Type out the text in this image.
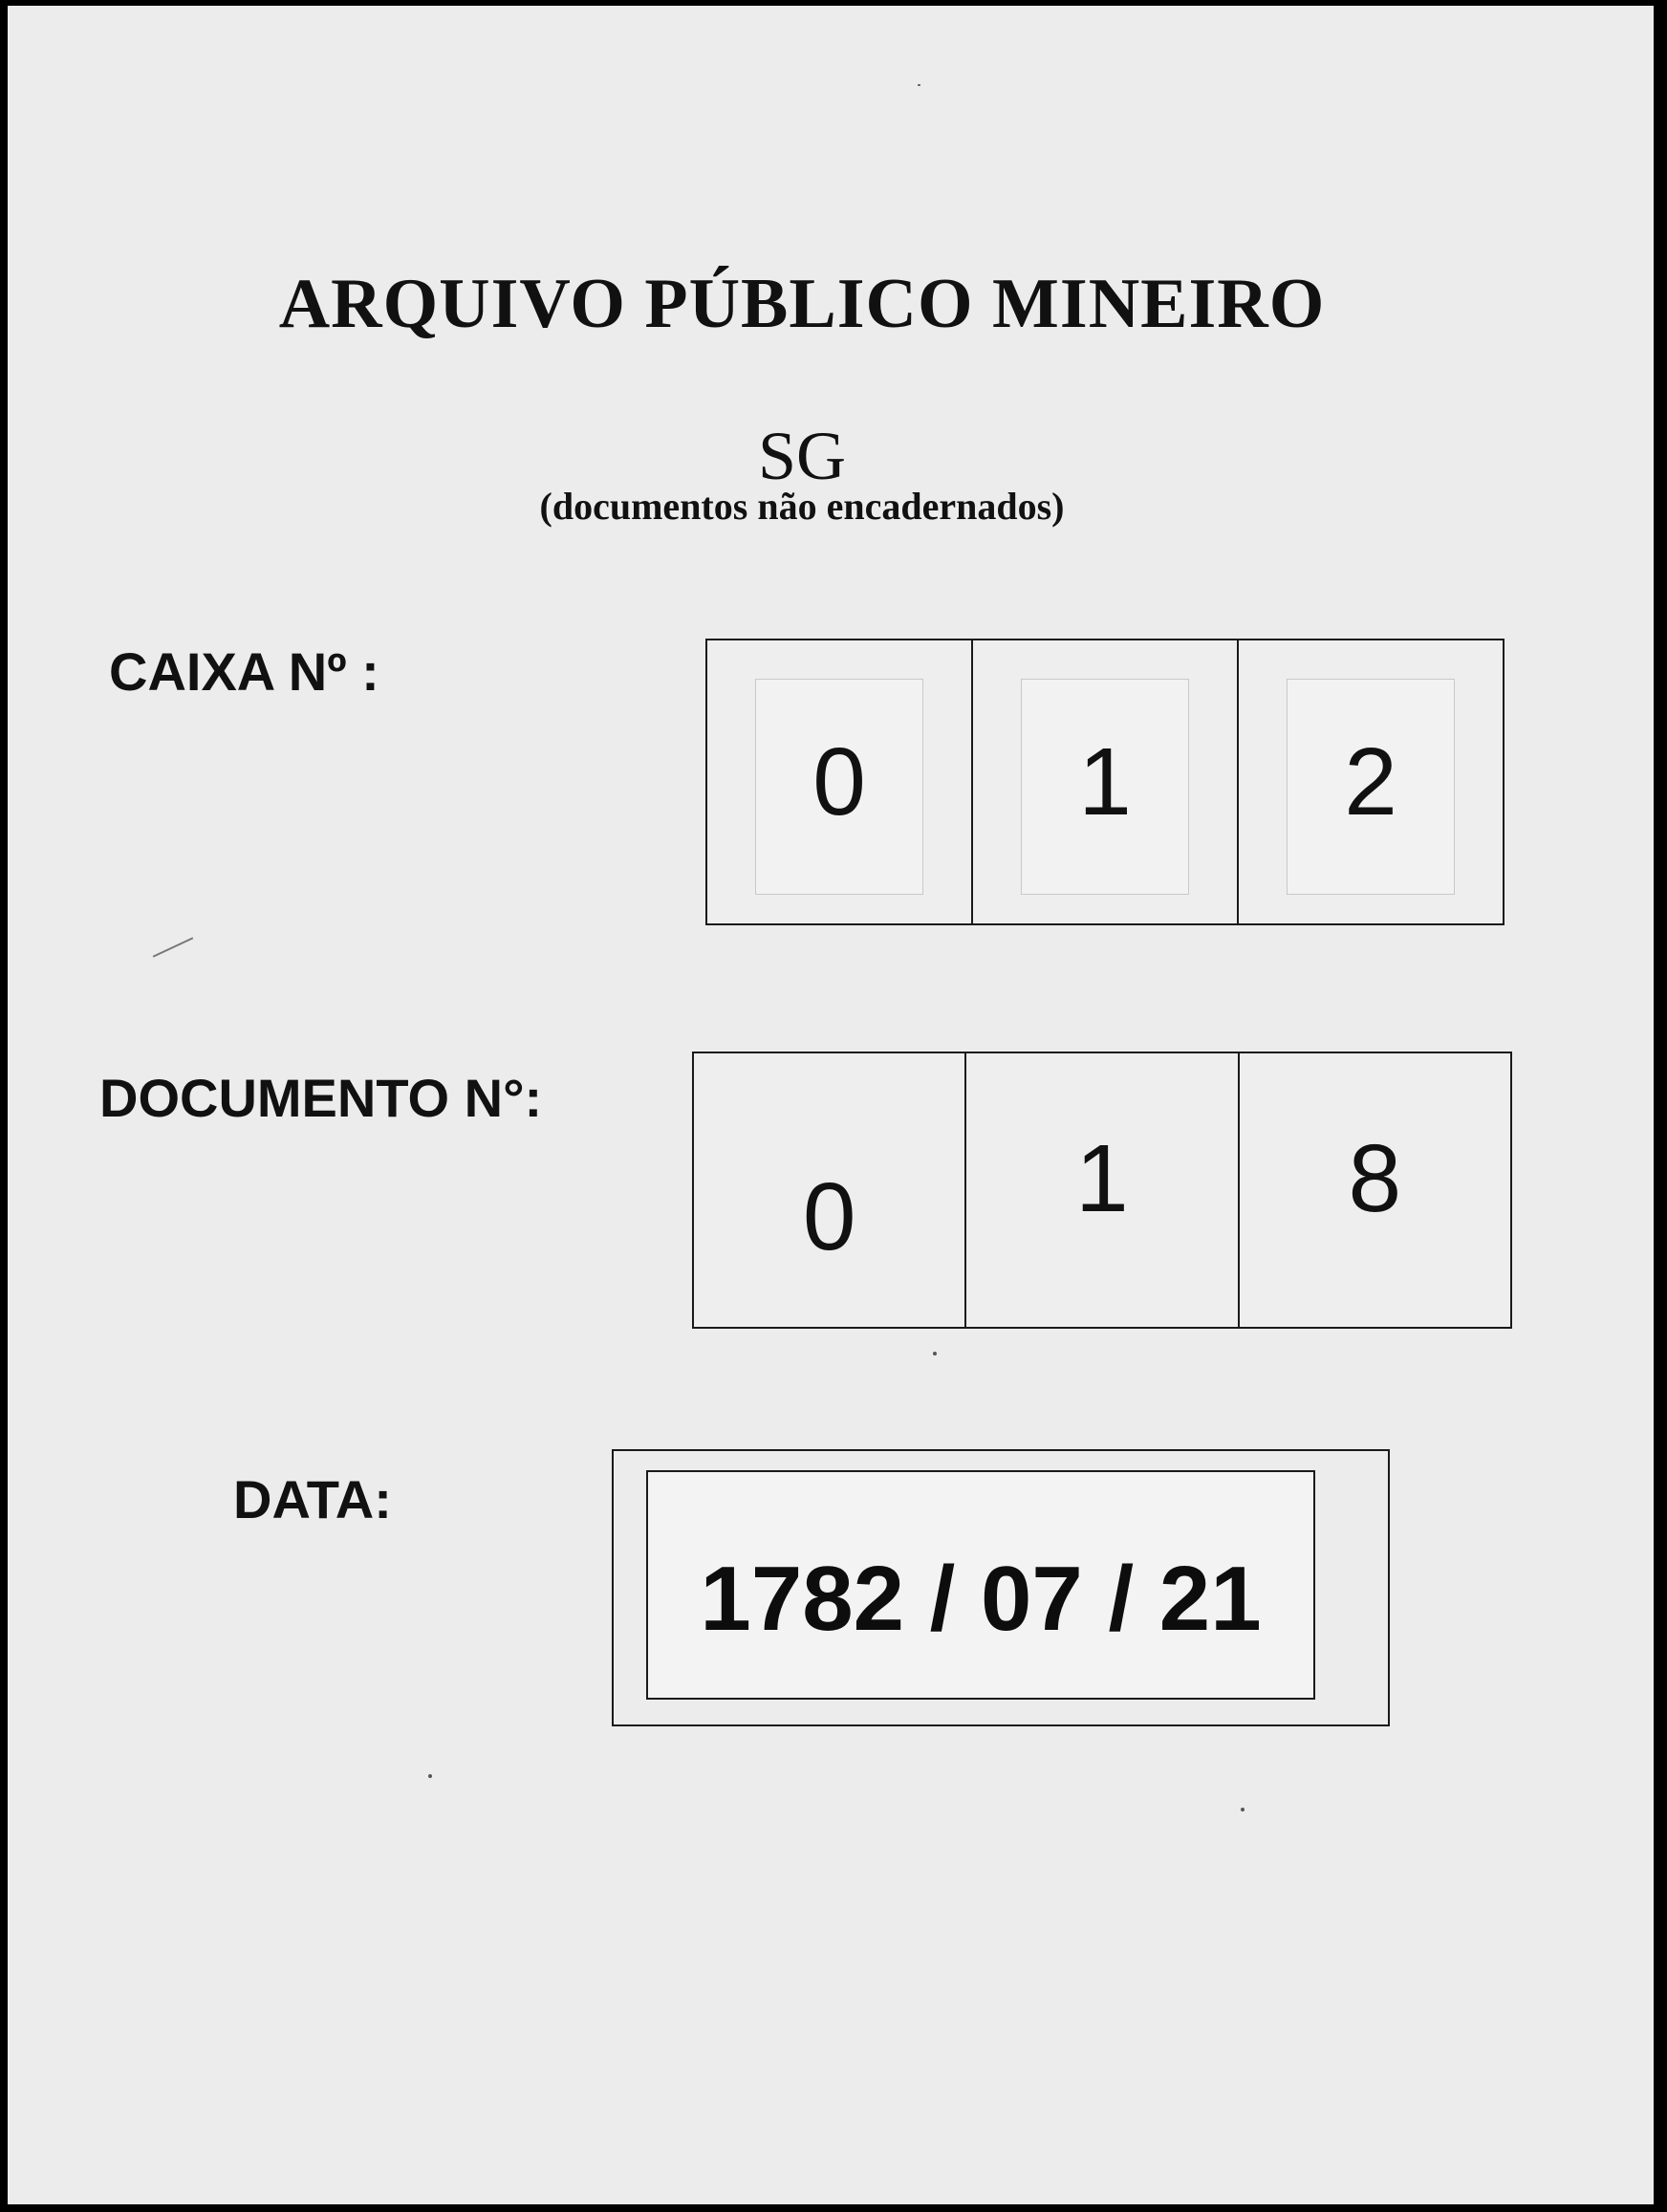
ARQUIVO PÚBLICO MINEIRO
SG
(documentos não encadernados)
CAIXA Nº :
0 1 2
DOCUMENTO N°:
0 1 8
DATA:
1782 / 07 / 21
